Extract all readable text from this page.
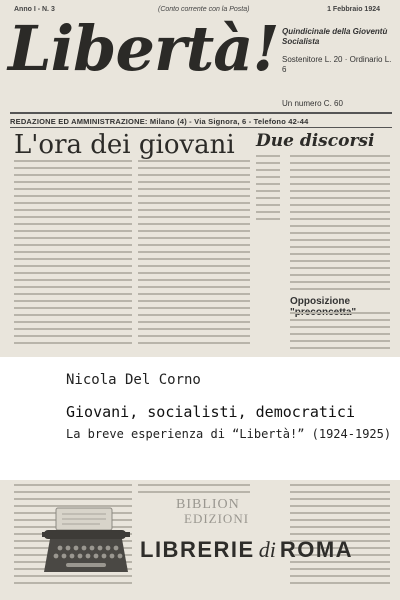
Anno I - N. 3	(Conto corrente con la Posta)	1 Febbraio 1924
Libertà! Quindicinale della Gioventù Socialista
Sostenitore L. 20 · Ordinario L. 6
Un numero C. 60
REDAZIONE ED AMMINISTRAZIONE: Milano (4) - Via Signora, 6 - Telefono 42-44
L'ora dei giovani Due discorsi
Opposizione
Nicola Del Corno
Giovani, socialisti, democratici
La breve esperienza di “Libertà!” (1924-1925)
BIBLION
EDIZIONI
LIBRERIE di ROMA
